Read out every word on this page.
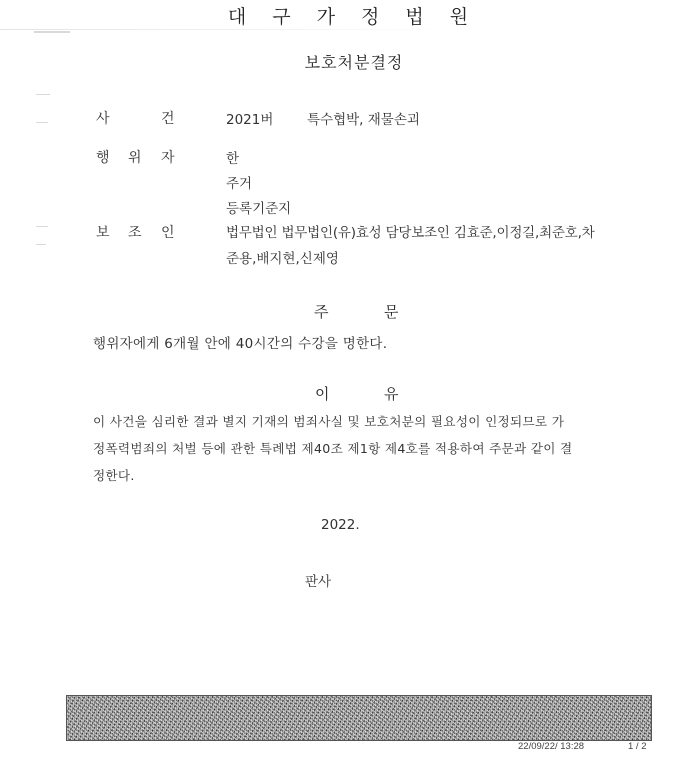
대 구 가 정 법 원
보호처분결정
사	건	2021버 특수협박, 재물손괴
행 위 자	한
주거
등록기준지
보 조 인	법무법인 법무법인(유)효성 담당보조인 김효준,이정길,최준호,차
준용,배지현,신제영
주	문
행위자에게 6개월 안에 40시간의 수강을 명한다.
이	유
이 사건을 심리한 결과 별지 기재의 범죄사실 및 보호처분의 필요성이 인정되므로 가
정폭력범죄의 처벌 등에 관한 특례법 제40조 제1항 제4호를 적용하여 주문과 같이 결
정한다.
2022.
판사
22/09/22/ 13:28	1 / 2
